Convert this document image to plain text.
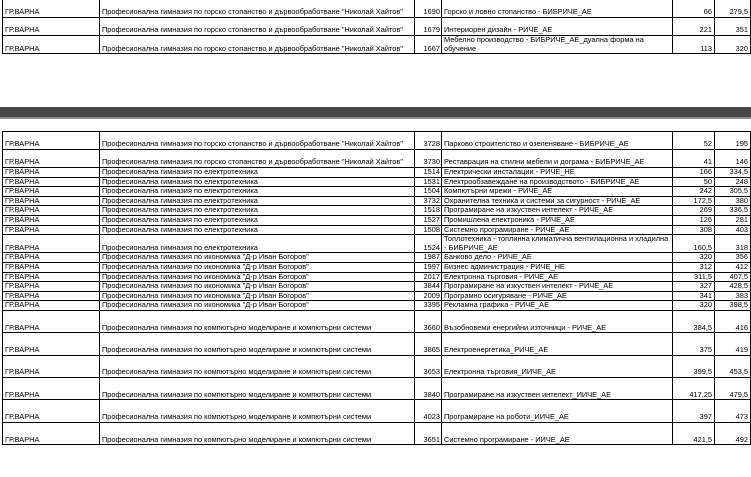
ГР.ВАРНА	Професионална гимназия по горско стопанство и дървообработване "Николай Хайтов"	1690	Горско и ловно стопанство - БИБРИЧЕ_АЕ	66	279,5
ГР.ВАРНА	Професионална гимназия по горско стопанство и дървообработване "Николай Хайтов"	1679	Интериорен дизайн - РИЧЕ_АЕ	221	351
ГР.ВАРНА	Професионална гимназия по горско стопанство и дървообработване "Николай Хайтов"	1667	Мебелно производство - БИБРИЧЕ_АЕ_дуална форма на обучение	113	320
ГР.ВАРНА	Професионална гимназия по горско стопанство и дървообработване "Николай Хайтов"	3728	Парково строителство и озеленяване - БИБРИЧЕ_АЕ	52	195
ГР.ВАРНА	Професионална гимназия по горско стопанство и дървообработване "Николай Хайтов"	3730	Реставрация на стилни мебели и дограма - БИБРИЧЕ_АЕ	41	146
ГР.ВАРНА	Професионална гимназия по електротехника	1514	Електрически инсталации - РИЧЕ_НЕ	166	334,5
ГР.ВАРНА	Професионална гимназия по електротехника	1531	Електрообзавеждане на производството - БИБРИЧЕ_АЕ	50	248
ГР.ВАРНА	Професионална гимназия по електротехника	1504	Компютърни мрежи - РИЧЕ_АЕ	242	305,5
ГР.ВАРНА	Професионална гимназия по електротехника	3732	Охранителна техника и системи за сигурност - РИЧЕ_АЕ	172,5	380
ГР.ВАРНА	Професионална гимназия по електротехника	1518	Програмиране на изкуствен интелект - РИЧЕ_АЕ	269	336,5
ГР.ВАРНА	Професионална гимназия по електротехника	1527	Промишлена електроника - РИЧЕ_АЕ	126	281
ГР.ВАРНА	Професионална гимназия по електротехника	1508	Системно програмиране - РИЧЕ_АЕ	308	403
ГР.ВАРНА	Професионална гимназия по електротехника	1524	Топлотехника - топлинна климатична вентилационна и хладилна - БИБРИЧЕ_АЕ	160,5	318
ГР.ВАРНА	Професионална гимназия по икономика "Д-р Иван Богоров"	1987	Банково дело - РИЧЕ_АЕ	320	356
ГР.ВАРНА	Професионална гимназия по икономика "Д-р Иван Богоров"	1997	Бизнес администрация - РИЧЕ_НЕ	312	412
ГР.ВАРНА	Професионална гимназия по икономика "Д-р Иван Богоров"	2017	Електронна търговия - РИЧЕ_АЕ	311,5	407,5
ГР.ВАРНА	Професионална гимназия по икономика "Д-р Иван Богоров"	3844	Програмиране на изкуствен интелект - РИЧЕ_АЕ	327	428,5
ГР.ВАРНА	Професионална гимназия по икономика "Д-р Иван Богоров"	2009	Програмно осигуряване - РИЧЕ_АЕ	341	383
ГР.ВАРНА	Професионална гимназия по икономика "Д-р Иван Богоров"	3395	Рекламна графика - РИЧЕ_АЕ	320	398,5
ГР.ВАРНА	Професионална гимназия по компютърно моделиране и компютърни системи	3660	Възобновеми енергийни източници - РИЧЕ_АЕ	384,5	416
ГР.ВАРНА	Професионална гимназия по компютърно моделиране и компютърни системи	3865	Електроенергетика_РИЧЕ_АЕ	375	419
ГР.ВАРНА	Професионална гимназия по компютърно моделиране и компютърни системи	3653	Електронна търговия_ИИЧЕ_АЕ	399,5	453,5
ГР.ВАРНА	Професионална гимназия по компютърно моделиране и компютърни системи	3840	Програмиране на изкуствен интелект_ИИЧЕ_АЕ	417,25	479,5
ГР.ВАРНА	Професионална гимназия по компютърно моделиране и компютърни системи	4023	Програмиране на роботи_ИИЧЕ_АЕ	397	473
ГР.ВАРНА	Професионална гимназия по компютърно моделиране и компютърни системи	3651	Системно програмиране - ИИЧЕ_АЕ	421,5	492
